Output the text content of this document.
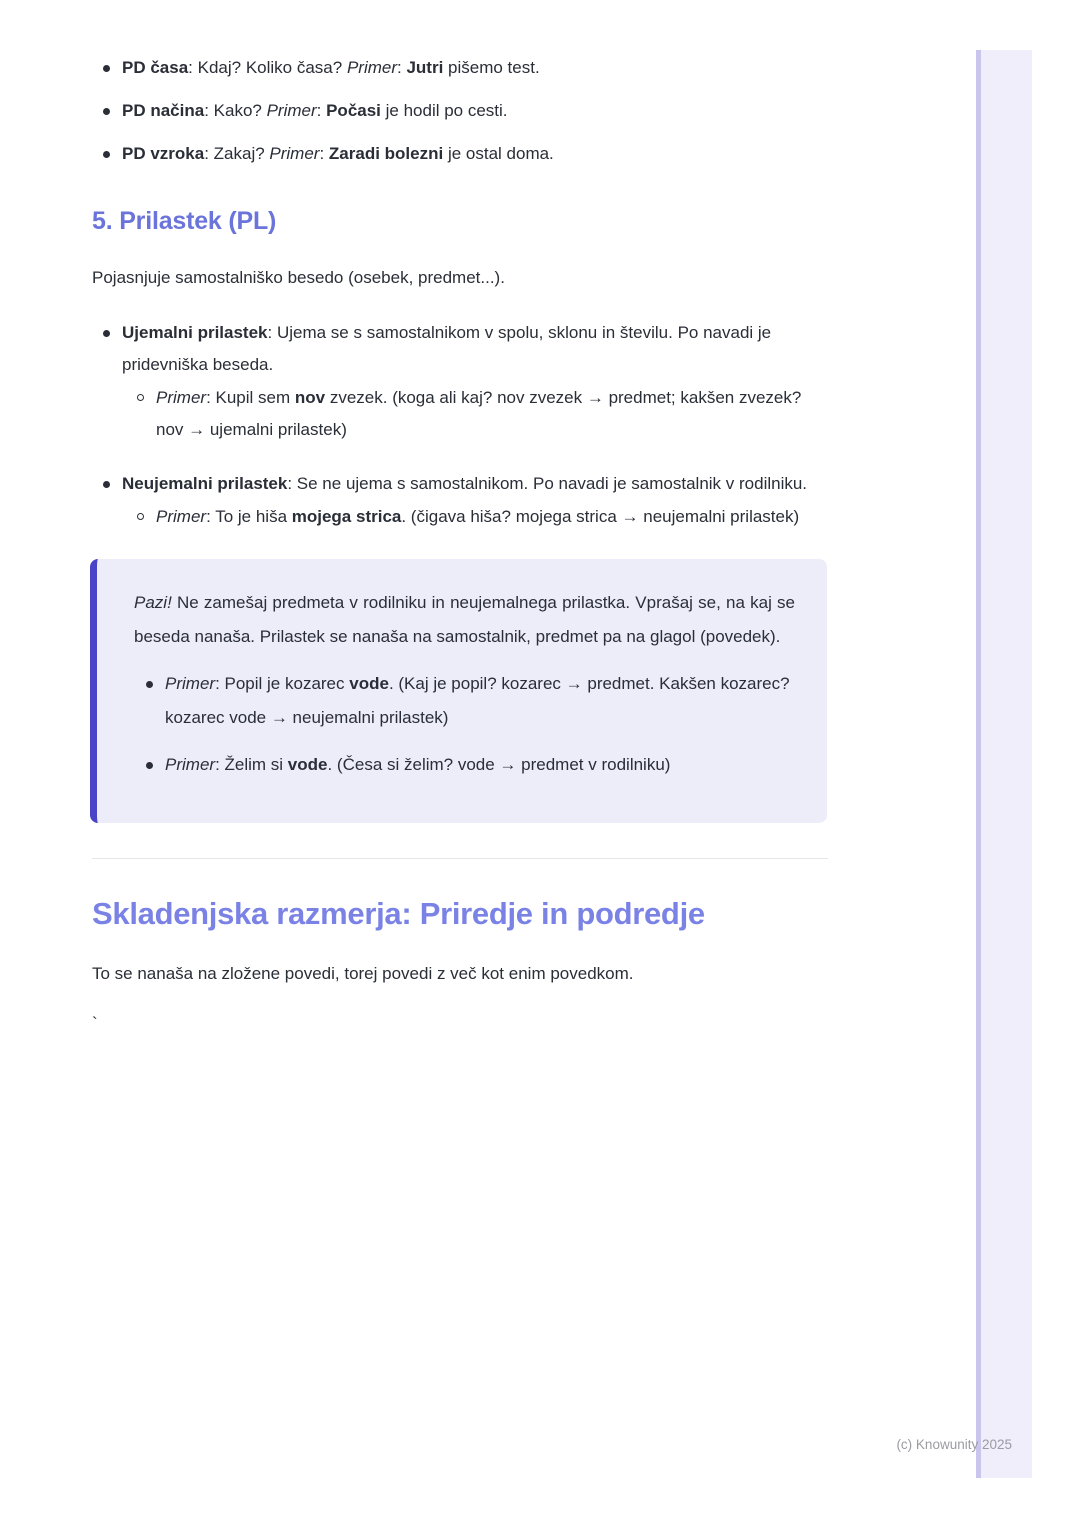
PD časa: Kdaj? Koliko časa? Primer: Jutri pišemo test.
PD načina: Kako? Primer: Počasi je hodil po cesti.
PD vzroka: Zakaj? Primer: Zaradi bolezni je ostal doma.
5. Prilastek (PL)

Pojasnjuje samostalniško besedo (osebek, predmet...).

Ujemalni prilastek: Ujema se s samostalnikom v spolu, sklonu in številu. Po navadi je pridevniška beseda.
Primer: Kupil sem nov zvezek. (koga ali kaj? nov zvezek → predmet; kakšen zvezek? nov → ujemalni prilastek)
Neujemalni prilastek: Se ne ujema s samostalnikom. Po navadi je samostalnik v rodilniku.
Primer: To je hiša mojega strica. (čigava hiša? mojega strica → neujemalni prilastek)

Pazi! Ne zamešaj predmeta v rodilniku in neujemalnega prilastka. Vprašaj se, na kaj se beseda nanaša. Prilastek se nanaša na samostalnik, predmet pa na glagol (povedek).

Primer: Popil je kozarec vode. (Kaj je popil? kozarec → predmet. Kakšen kozarec? kozarec vode → neujemalni prilastek)
Primer: Želim si vode. (Česa si želim? vode → predmet v rodilniku)
Skladenjska razmerja: Priredje in podredje

To se nanaša na zložene povedi, torej povedi z več kot enim povedkom.

`
(c) Knowunity 2025
